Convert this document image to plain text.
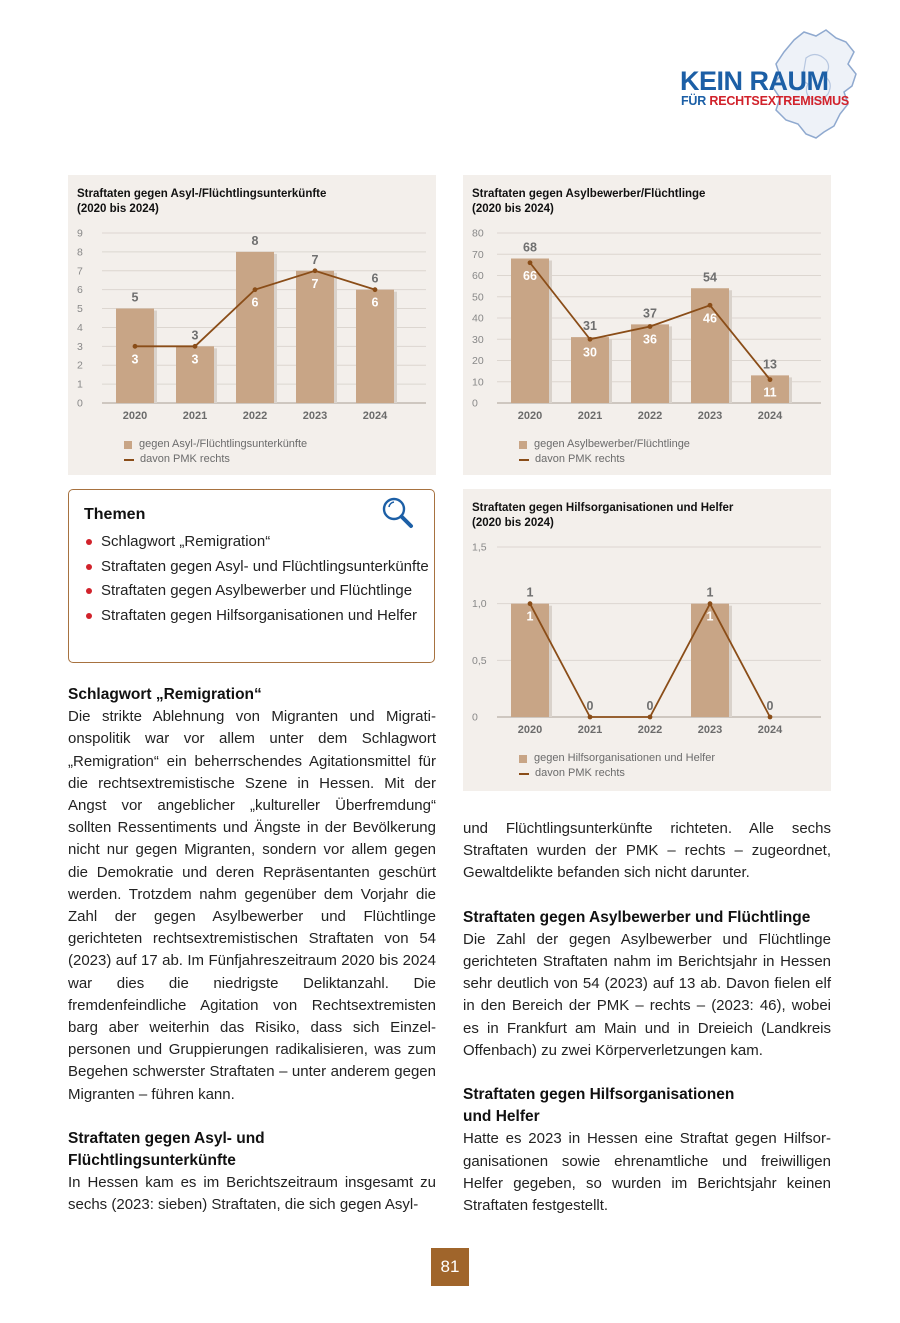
KEIN RAUM
FÜR RECHTSEXTREMISMUS
Straftaten gegen Asyl-/Flüchtlingsunterkünfte
(2020 bis 2024)
0
1
2
3
4
5
6
7
8
9
5
2020
3
2021
8
2022
7
2023
6
2024
3	3
6
7
6
gegen Asyl-/Flüchtlingsunterkünfte
davon PMK rechts
Straftaten gegen Asylbewerber/Flüchtlinge
(2020 bis 2024)
0
10
20
30
40
50
60
70
80
68
2020
31
2021
37
2022
54
2023
13
2024
66
30
36
46
11
gegen Asylbewerber/Flüchtlinge
davon PMK rechts
Straftaten gegen Hilfsorganisationen und Helfer
(2020 bis 2024)
0
0,5
1,0
1,5
1
2020
0
2021
0
2022
1
2023
0
2024
1	1
gegen Hilfsorganisationen und Helfer
davon PMK rechts
Themen
Schlagwort „Remigration“
Straftaten gegen Asyl- und Flüchtlingsunterkünfte
Straftaten gegen Asylbewerber und Flüchtlinge
Straftaten gegen Hilfsorganisationen und Helfer
Schlagwort „Remigration“

Die strikte Ablehnung von Migranten und Migrationspolitik war vor allem unter dem Schlagwort „Remigration“ ein beherrschendes Agitationsmittel für die rechtsextremistische Szene in Hessen. Mit der Angst vor angeblicher „kultureller Überfremdung“ sollten Ressentiments und Ängste in der Bevölkerung nicht nur gegen Migranten, sondern vor allem gegen die Demokratie und deren Repräsentanten geschürt werden. Trotzdem nahm gegenüber dem Vorjahr die Zahl der gegen Asylbewerber und Flüchtlinge gerichteten rechtsextremistischen Straftaten von 54 (2023) auf 17 ab. Im Fünfjahreszeitraum 2020 bis 2024 war dies die niedrigste Deliktanzahl. Die fremdenfeindliche Agitation von Rechtsextremisten barg aber weiterhin das Risiko, dass sich Einzelpersonen und Gruppierungen radikalisieren, was zum Begehen schwerster Straftaten – unter anderem gegen Migranten – führen kann.

Straftaten gegen Asyl- und Flüchtlingsunterkünfte

In Hessen kam es im Berichtszeitraum insgesamt zu sechs (2023: sieben) Straftaten, die sich gegen Asyl-

und Flüchtlingsunterkünfte richteten. Alle sechs Straftaten wurden der PMK – rechts – zugeordnet, Gewaltdelikte befanden sich nicht darunter.

Straftaten gegen Asylbewerber und Flüchtlinge

Die Zahl der gegen Asylbewerber und Flüchtlinge gerichteten Straftaten nahm im Berichtsjahr in Hessen sehr deutlich von 54 (2023) auf 13 ab. Davon fielen elf in den Bereich der PMK – rechts – (2023: 46), wobei es in Frankfurt am Main und in Dreieich (Landkreis Offenbach) zu zwei Körperverletzungen kam.

Straftaten gegen Hilfsorganisationen und Helfer

Hatte es 2023 in Hessen eine Straftat gegen Hilfsorganisationen sowie ehrenamtliche und freiwilligen Helfer gegeben, so wurden im Berichtsjahr keinen Straftaten festgestellt.

81
